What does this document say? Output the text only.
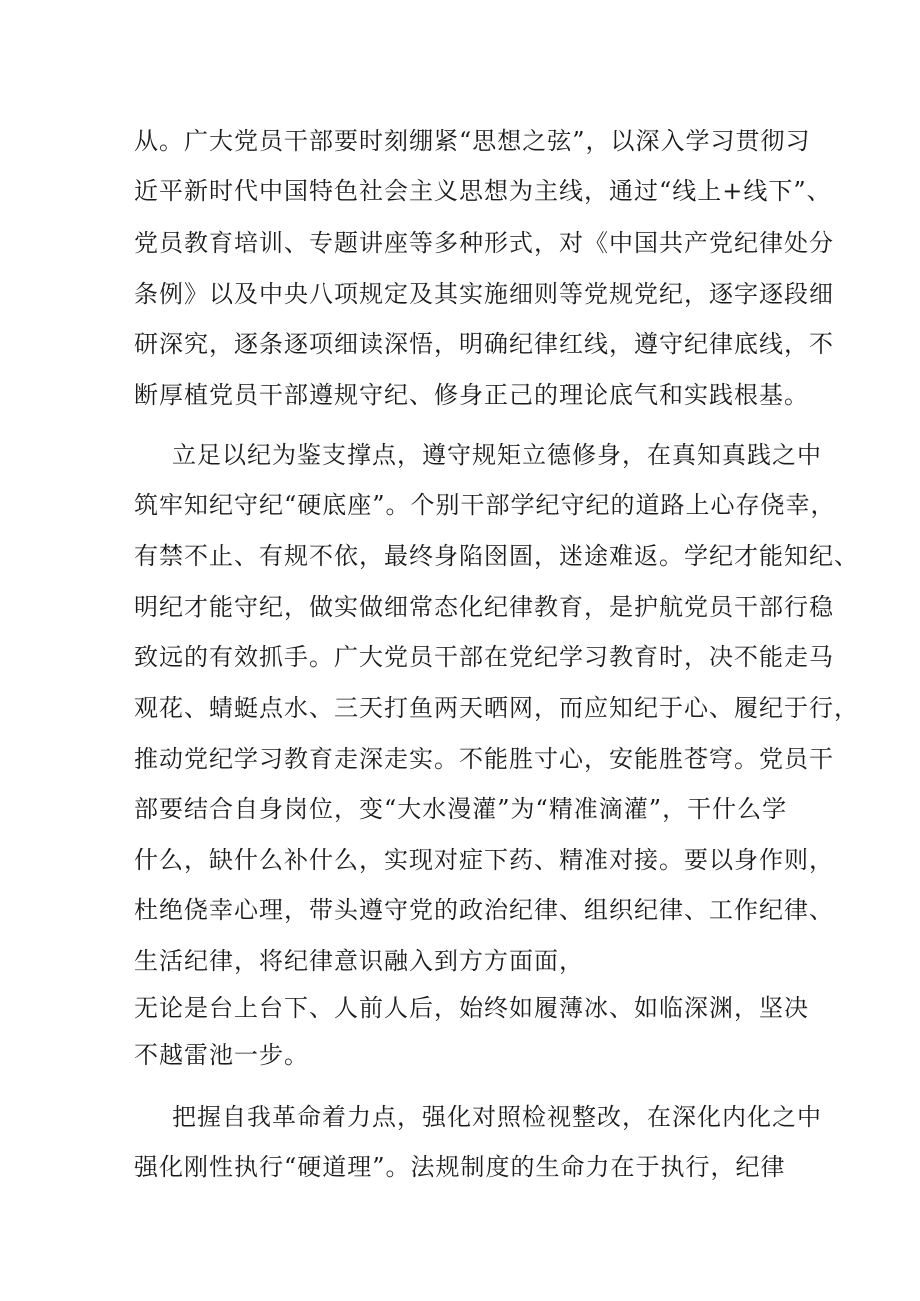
从。广大党员干部要时刻绷紧“思想之弦”，以深入学习贯彻习
近平新时代中国特色社会主义思想为主线，通过“线上+线下”、
党员教育培训、专题讲座等多种形式，对《中国共产党纪律处分
条例》以及中央八项规定及其实施细则等党规党纪，逐字逐段细
研深究，逐条逐项细读深悟，明确纪律红线，遵守纪律底线，不
断厚植党员干部遵规守纪、修身正己的理论底气和实践根基。
立足以纪为鉴支撑点，遵守规矩立德修身，在真知真践之中
筑牢知纪守纪“硬底座”。个别干部学纪守纪的道路上心存侥幸，
有禁不止、有规不依，最终身陷囹圄，迷途难返。学纪才能知纪、
明纪才能守纪，做实做细常态化纪律教育，是护航党员干部行稳
致远的有效抓手。广大党员干部在党纪学习教育时，决不能走马
观花、蜻蜓点水、三天打鱼两天晒网，而应知纪于心、履纪于行，
推动党纪学习教育走深走实。不能胜寸心，安能胜苍穹。党员干
部要结合自身岗位，变“大水漫灌”为“精准滴灌”，干什么学
什么，缺什么补什么，实现对症下药、精准对接。要以身作则，
杜绝侥幸心理，带头遵守党的政治纪律、组织纪律、工作纪律、
生活纪律，将纪律意识融入到方方面面，
无论是台上台下、人前人后，始终如履薄冰、如临深渊，坚决
不越雷池一步。
把握自我革命着力点，强化对照检视整改，在深化内化之中
强化刚性执行“硬道理”。法规制度的生命力在于执行，纪律
